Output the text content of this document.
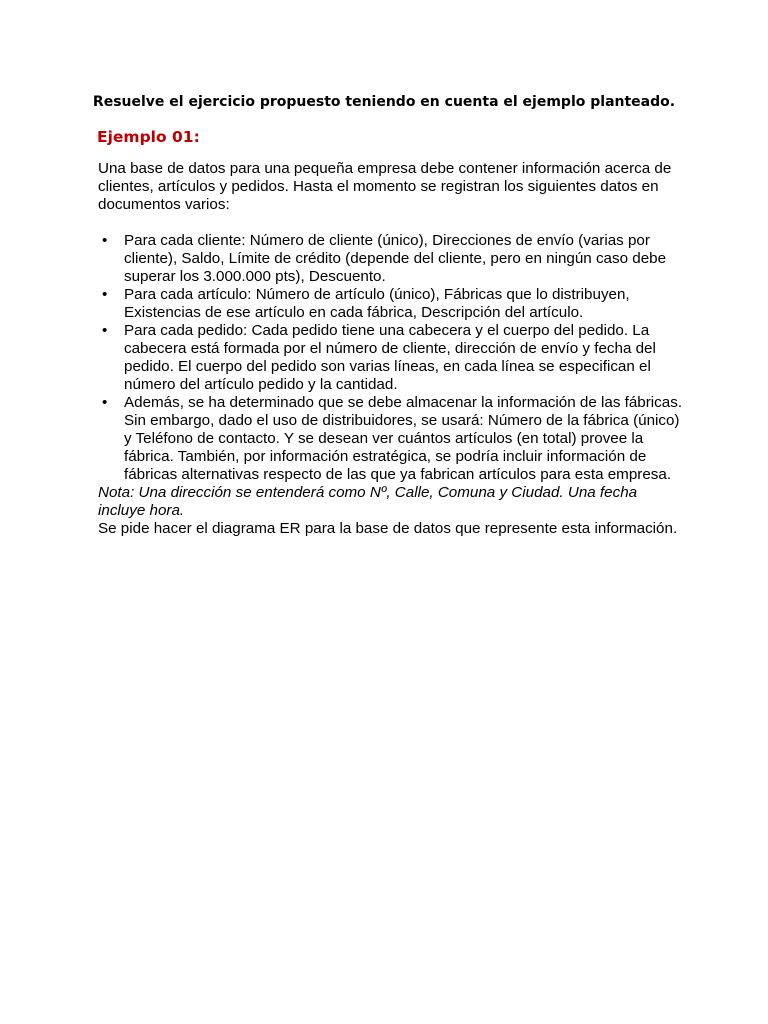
Resuelve el ejercicio propuesto teniendo en cuenta el ejemplo planteado.
Ejemplo 01:

Una base de datos para una pequeña empresa debe contener información acerca de clientes, artículos y pedidos. Hasta el momento se registran los siguientes datos en documentos varios:

• Para cada cliente: Número de cliente (único), Direcciones de envío (varias por cliente), Saldo, Límite de crédito (depende del cliente, pero en ningún caso debe superar los 3.000.000 pts), Descuento.
• Para cada artículo: Número de artículo (único), Fábricas que lo distribuyen, Existencias de ese artículo en cada fábrica, Descripción del artículo.
• Para cada pedido: Cada pedido tiene una cabecera y el cuerpo del pedido. La cabecera está formada por el número de cliente, dirección de envío y fecha del pedido. El cuerpo del pedido son varias líneas, en cada línea se especifican el número del artículo pedido y la cantidad.
• Además, se ha determinado que se debe almacenar la información de las fábricas. Sin embargo, dado el uso de distribuidores, se usará: Número de la fábrica (único) y Teléfono de contacto. Y se desean ver cuántos artículos (en total) provee la fábrica. También, por información estratégica, se podría incluir información de fábricas alternativas respecto de las que ya fabrican artículos para esta empresa.

Nota: Una dirección se entenderá como Nº, Calle, Comuna y Ciudad. Una fecha incluye hora.

Se pide hacer el diagrama ER para la base de datos que represente esta información.
